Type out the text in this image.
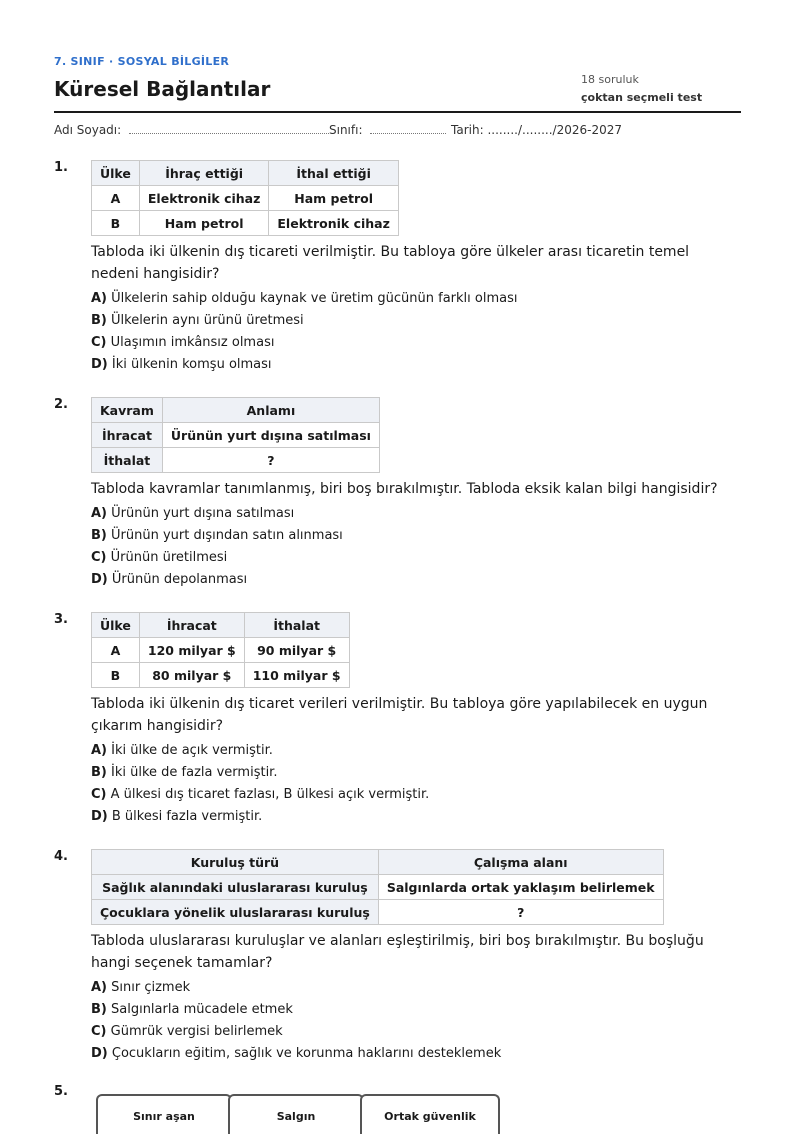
7. SINIF · SOSYAL BİLGİLER
Küresel Bağlantılar	18 soruluk
çoktan seçmeli test
Adı Soyadı:	Sınıfı:	Tarih: ......../......../2026-2027
1.	Ülke	İhraç ettiği	İthal ettiği
A	Elektronik cihaz	Ham petrol
B	Ham petrol	Elektronik cihaz
Tabloda iki ülkenin dış ticareti verilmiştir. Bu tabloya göre ülkeler arası ticaretin temel nedeni hangisidir?
A) Ülkelerin sahip olduğu kaynak ve üretim gücünün farklı olması
B) Ülkelerin aynı ürünü üretmesi
C) Ulaşımın imkânsız olması
D) İki ülkenin komşu olması
2.	Kavram	Anlamı
İhracat	Ürünün yurt dışına satılması
İthalat	?
Tabloda kavramlar tanımlanmış, biri boş bırakılmıştır. Tabloda eksik kalan bilgi hangisidir?
A) Ürünün yurt dışına satılması
B) Ürünün yurt dışından satın alınması
C) Ürünün üretilmesi
D) Ürünün depolanması
3.	Ülke	İhracat	İthalat
A	120 milyar $	90 milyar $
B	80 milyar $	110 milyar $
Tabloda iki ülkenin dış ticaret verileri verilmiştir. Bu tabloya göre yapılabilecek en uygun çıkarım hangisidir?
A) İki ülke de açık vermiştir.
B) İki ülke de fazla vermiştir.
C) A ülkesi dış ticaret fazlası, B ülkesi açık vermiştir.
D) B ülkesi fazla vermiştir.
4.	Kuruluş türü	Çalışma alanı
Sağlık alanındaki uluslararası kuruluş	Salgınlarda ortak yaklaşım belirlemek
Çocuklara yönelik uluslararası kuruluş	?
Tabloda uluslararası kuruluşlar ve alanları eşleştirilmiş, biri boş bırakılmıştır. Bu boşluğu hangi seçenek tamamlar?
A) Sınır çizmek
B) Salgınlarla mücadele etmek
C) Gümrük vergisi belirlemek
D) Çocukların eğitim, sağlık ve korunma haklarını desteklemek
5.
Sınır aşan	Salgın	Ortak güvenlik
